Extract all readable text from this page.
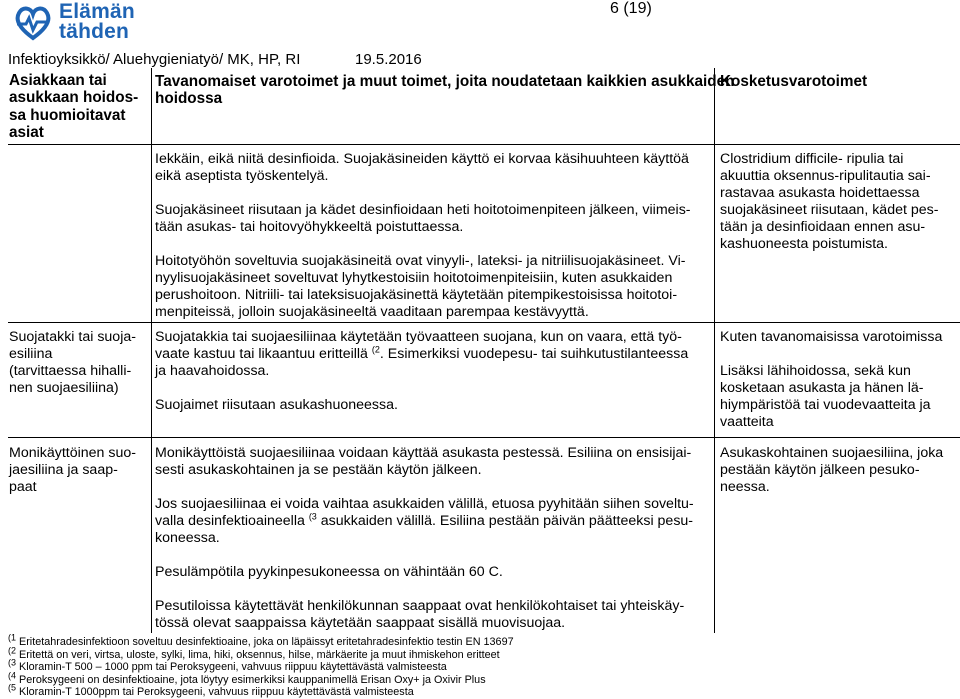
Elämän
tähden
6 (19)
Infektioyksikkö/ Aluehygieniatyö/ MK, HP, RI	19.5.2016
Asiakkaan tai
asukkaan hoidos-
sa huomioitavat
asiat
Tavanomaiset varotoimet ja muut toimet, joita noudatetaan kaikkien asukkaiden
hoidossa
Kosketusvarotoimet

Iekkäin, eikä niitä desinfioida. Suojakäsineiden käyttö ei korvaa käsihuuhteen käyttöä
eikä aseptista työskentelyä.

Suojakäsineet riisutaan ja kädet desinfioidaan heti hoitotoimenpiteen jälkeen, viimeis-
tään asukas- tai hoitovyöhykkeeltä poistuttaessa.

Hoitotyöhön soveltuvia suojakäsineitä ovat vinyyli-, lateksi- ja nitriilisuojakäsineet. Vi-
nyylisuojakäsineet soveltuvat lyhytkestoisiin hoitotoimenpiteisiin, kuten asukkaiden
perushoitoon. Nitriili- tai lateksisuojakäsinettä käytetään pitempikestoisissa hoitotoi-
menpiteissä, jolloin suojakäsineeltä vaaditaan parempaa kestävyyttä.

Clostridium difficile- ripulia tai
akuuttia oksennus-ripulitautia sai-
rastavaa asukasta hoidettaessa
suojakäsineet riisutaan, kädet pes-
tään ja desinfioidaan ennen asu-
kashuoneesta poistumista.

Suojatakki tai suoja-
esiliina
(tarvittaessa hihalli-
nen suojaesiliina)

Suojatakkia tai suojaesiliinaa käytetään työvaatteen suojana, kun on vaara, että työ-
vaate kastuu tai likaantuu eritteillä $^{(2}$. Esimerkiksi vuodepesu- tai suihkutustilanteessa
ja haavahoidossa.

Suojaimet riisutaan asukashuoneessa.

Kuten tavanomaisissa varotoimissa

Lisäksi lähihoidossa, sekä kun
kosketaan asukasta ja hänen lä-
hiympäristöä tai vuodevaatteita ja
vaatteita

Monikäyttöinen suo-
jaesiliina ja saap-
paat

Monikäyttöistä suojaesiliinaa voidaan käyttää asukasta pestessä. Esiliina on ensisijai-
sesti asukaskohtainen ja se pestään käytön jälkeen.

Jos suojaesiliinaa ei voida vaihtaa asukkaiden välillä, etuosa pyyhitään siihen soveltu-
valla desinfektioaineella $^{(3}$ asukkaiden välillä. Esiliina pestään päivän päätteeksi pesu-
koneessa.

Pesulämpötila pyykinpesukoneessa on vähintään 60 C.

Pesutiloissa käytettävät henkilökunnan saappaat ovat henkilökohtaiset tai yhteiskäy-
tössä olevat saappaissa käytetään saappaat sisällä muovisuojaa.

Asukaskohtainen suojaesiliina, joka
pestään käytön jälkeen pesuko-
neessa.
$^{(1}$ Eritetahradesinfektioon soveltuu desinfektioaine, joka on läpäissyt eritetahradesinfektio testin EN 13697
$^{(2}$ Eritettä on veri, virtsa, uloste, sylki, lima, hiki, oksennus, hilse, märkäerite ja muut ihmiskehon eritteet
$^{(3}$ Kloramin-T 500 – 1000 ppm tai Peroksygeeni, vahvuus riippuu käytettävästä valmisteesta
$^{(4}$ Peroksygeeni on desinfektioaine, jota löytyy esimerkiksi kauppanimellä Erisan Oxy+ ja Oxivir Plus
$^{(5}$ Kloramin-T 1000ppm tai Peroksygeeni, vahvuus riippuu käytettävästä valmisteesta
